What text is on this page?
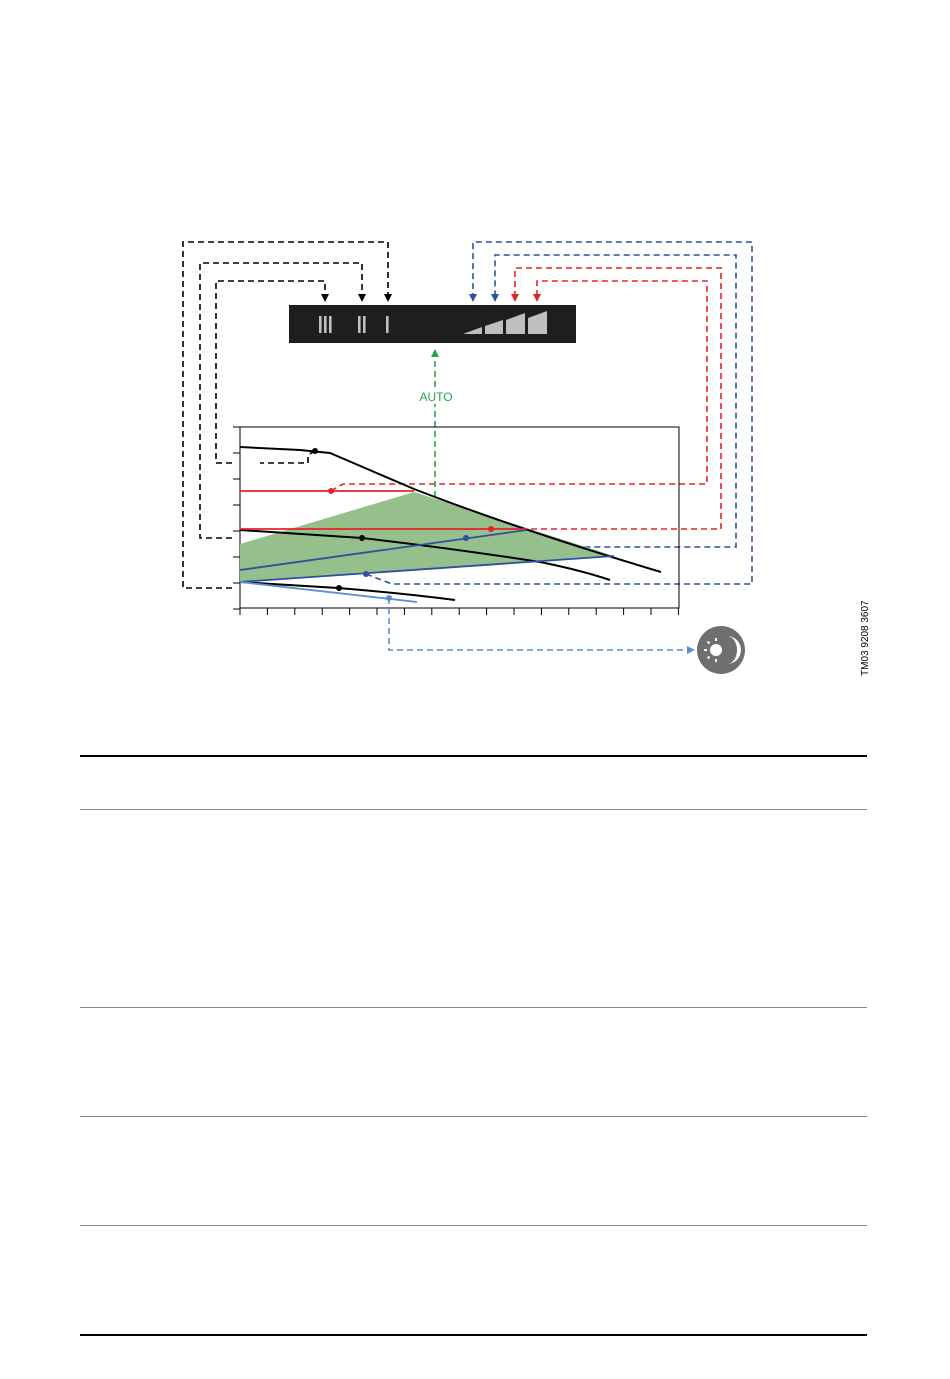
AUTO
TM03 9208 3607
